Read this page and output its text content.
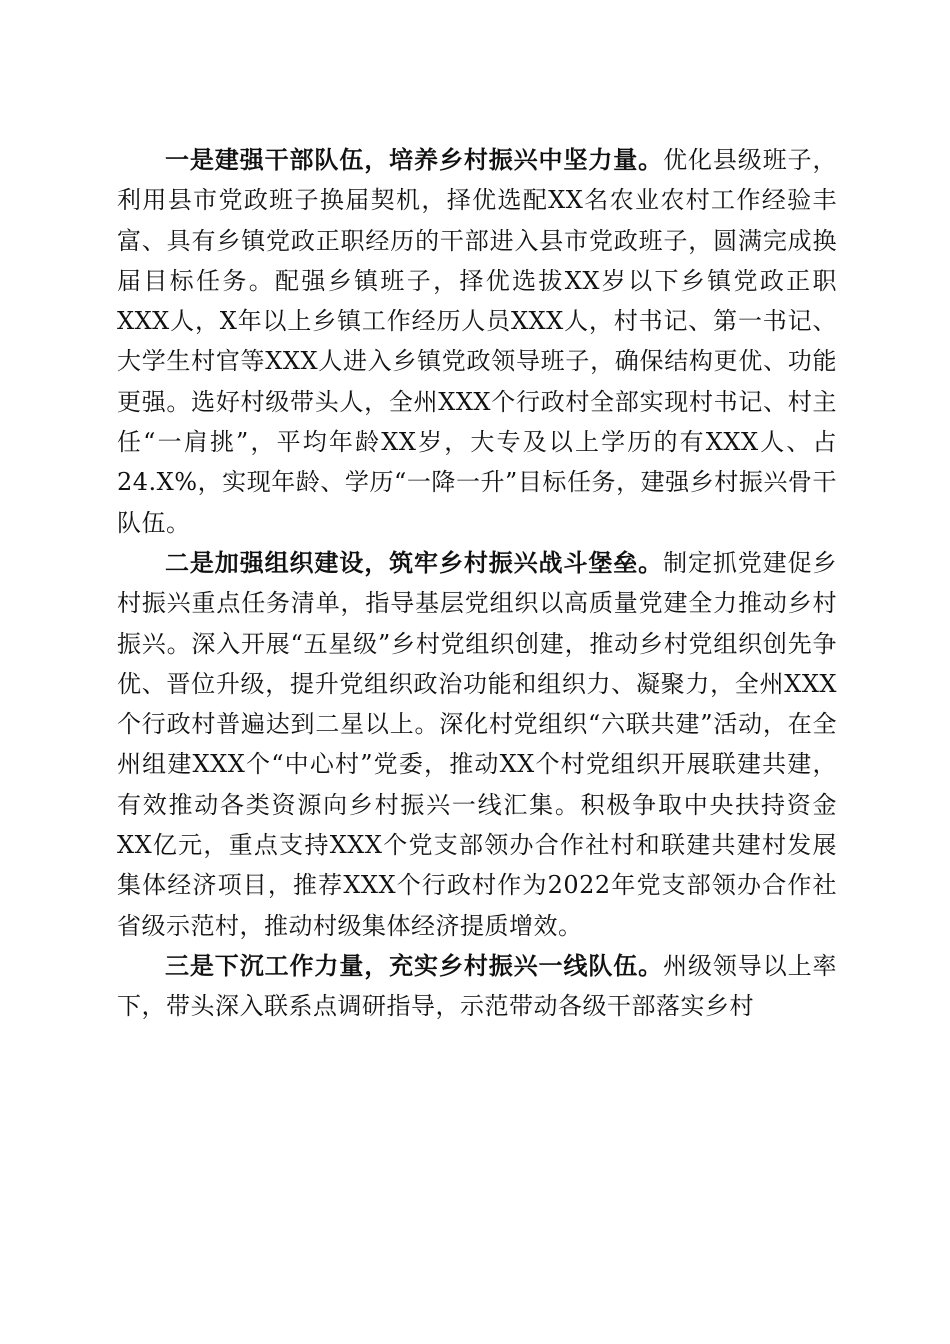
一是建强干部队伍，培养乡村振兴中坚力量。优化县级班子，利用县市党政班子换届契机，择优选配XX名农业农村工作经验丰富、具有乡镇党政正职经历的干部进入县市党政班子，圆满完成换届目标任务。配强乡镇班子，择优选拔XX岁以下乡镇党政正职XXX人，X年以上乡镇工作经历人员XXX人，村书记、第一书记、大学生村官等XXX人进入乡镇党政领导班子，确保结构更优、功能更强。选好村级带头人，全州XXX个行政村全部实现村书记、村主任“一肩挑”，平均年龄XX岁，大专及以上学历的有XXX人、占24.X%，实现年龄、学历“一降一升”目标任务，建强乡村振兴骨干队伍。

二是加强组织建设，筑牢乡村振兴战斗堡垒。制定抓党建促乡村振兴重点任务清单，指导基层党组织以高质量党建全力推动乡村振兴。深入开展“五星级”乡村党组织创建，推动乡村党组织创先争优、晋位升级，提升党组织政治功能和组织力、凝聚力，全州XXX个行政村普遍达到二星以上。深化村党组织“六联共建”活动，在全州组建XXX个“中心村”党委，推动XX个村党组织开展联建共建，有效推动各类资源向乡村振兴一线汇集。积极争取中央扶持资金XX亿元，重点支持XXX个党支部领办合作社村和联建共建村发展集体经济项目，推荐XXX个行政村作为2022年党支部领办合作社省级示范村，推动村级集体经济提质增效。

三是下沉工作力量，充实乡村振兴一线队伍。州级领导以上率下，带头深入联系点调研指导，示范带动各级干部落实乡村
